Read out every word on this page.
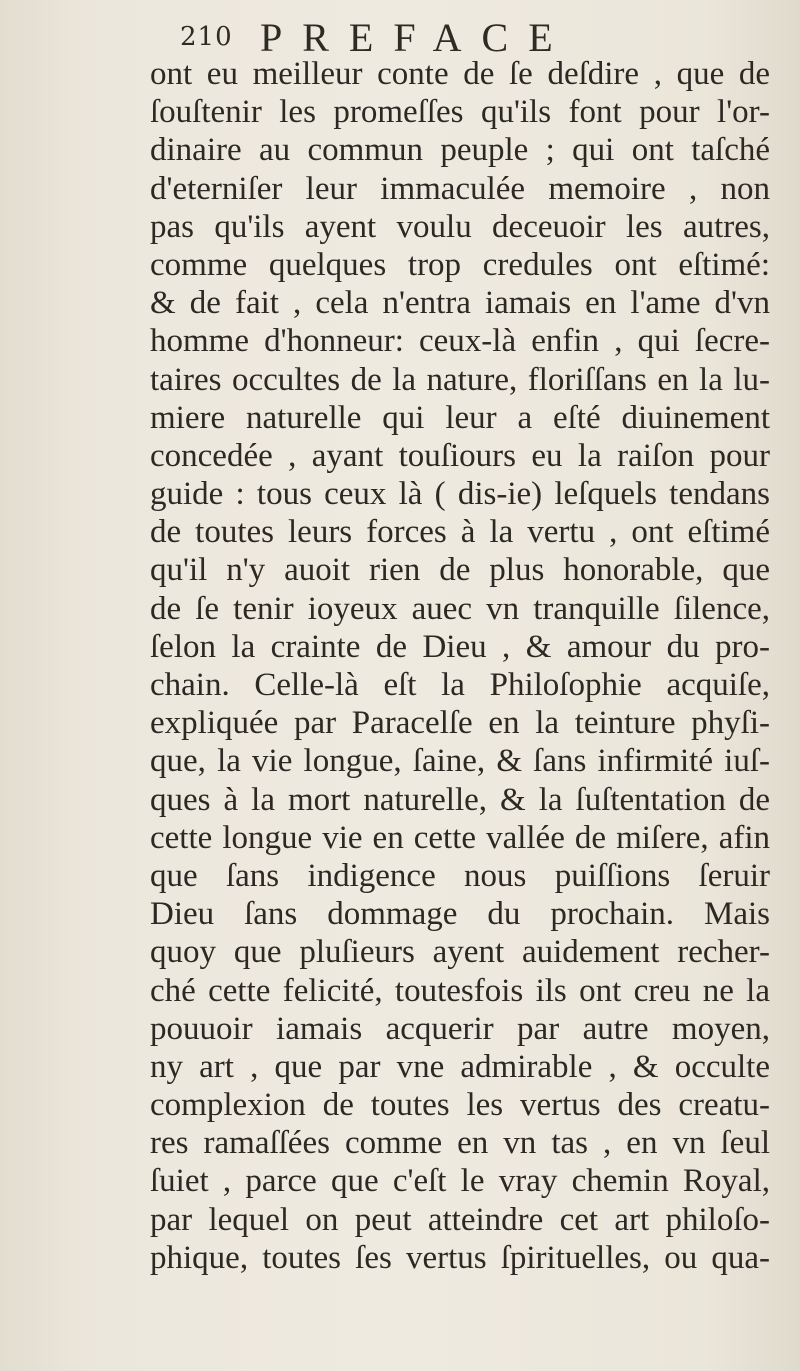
210 PREFACE
ont eu meilleur conte de ſe deſdire , que de
ſouſtenir les promeſſes qu'ils font pour l'or-
dinaire au commun peuple ; qui ont taſché
d'eterniſer leur immaculée memoire , non
pas qu'ils ayent voulu deceuoir les autres,
comme quelques trop credules ont eſtimé:
& de fait , cela n'entra iamais en l'ame d'vn
homme d'honneur: ceux-là enfin , qui ſecre-
taires occultes de la nature, floriſſans en la lu-
miere naturelle qui leur a eſté diuinement
concedée , ayant touſiours eu la raiſon pour
guide : tous ceux là ( dis-ie) leſquels tendans
de toutes leurs forces à la vertu , ont eſtimé
qu'il n'y auoit rien de plus honorable, que
de ſe tenir ioyeux auec vn tranquille ſilence,
ſelon la crainte de Dieu , & amour du pro-
chain. Celle-là eſt la Philoſophie acquiſe,
expliquée par Paracelſe en la teinture phyſi-
que, la vie longue, ſaine, & ſans infirmité iuſ-
ques à la mort naturelle, & la ſuſtentation de
cette longue vie en cette vallée de miſere, afin
que ſans indigence nous puiſſions ſeruir
Dieu ſans dommage du prochain. Mais
quoy que pluſieurs ayent auidement recher-
ché cette felicité, toutesfois ils ont creu ne la
pouuoir iamais acquerir par autre moyen,
ny art , que par vne admirable , & occulte
complexion de toutes les vertus des creatu-
res ramaſſées comme en vn tas , en vn ſeul
ſuiet , parce que c'eſt le vray chemin Royal,
par lequel on peut atteindre cet art philoſo-
phique, toutes ſes vertus ſpirituelles, ou qua-
